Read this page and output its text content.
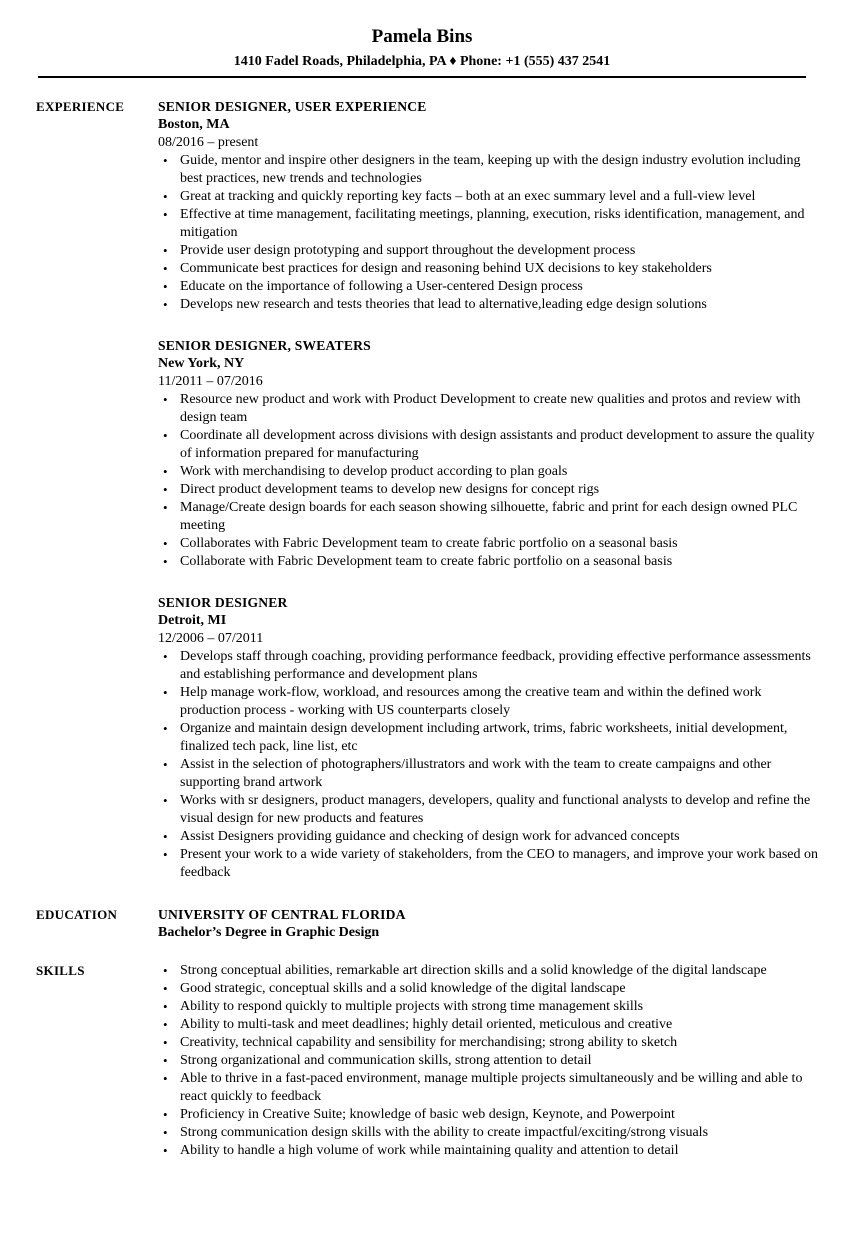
Pamela Bins
1410 Fadel Roads, Philadelphia, PA ♦ Phone: +1 (555) 437 2541
EXPERIENCE SENIOR DESIGNER, USER EXPERIENCE
Boston, MA
08/2016 – present
• Guide, mentor and inspire other designers in the team, keeping up with the design industry evolution including best practices, new trends and technologies
• Great at tracking and quickly reporting key facts – both at an exec summary level and a full-view level
• Effective at time management, facilitating meetings, planning, execution, risks identification, management, and mitigation
• Provide user design prototyping and support throughout the development process
• Communicate best practices for design and reasoning behind UX decisions to key stakeholders
• Educate on the importance of following a User-centered Design process
• Develops new research and tests theories that lead to alternative,leading edge design solutions
SENIOR DESIGNER, SWEATERS
New York, NY
11/2011 – 07/2016
• Resource new product and work with Product Development to create new qualities and protos and review with design team
• Coordinate all development across divisions with design assistants and product development to assure the quality of information prepared for manufacturing
• Work with merchandising to develop product according to plan goals
• Direct product development teams to develop new designs for concept rigs
• Manage/Create design boards for each season showing silhouette, fabric and print for each design owned PLC meeting
• Collaborates with Fabric Development team to create fabric portfolio on a seasonal basis
• Collaborate with Fabric Development team to create fabric portfolio on a seasonal basis
SENIOR DESIGNER
Detroit, MI
12/2006 – 07/2011
• Develops staff through coaching, providing performance feedback, providing effective performance assessments and establishing performance and development plans
• Help manage work-flow, workload, and resources among the creative team and within the defined work production process - working with US counterparts closely
• Organize and maintain design development including artwork, trims, fabric worksheets, initial development, finalized tech pack, line list, etc
• Assist in the selection of photographers/illustrators and work with the team to create campaigns and other supporting brand artwork
• Works with sr designers, product managers, developers, quality and functional analysts to develop and refine the visual design for new products and features
• Assist Designers providing guidance and checking of design work for advanced concepts
• Present your work to a wide variety of stakeholders, from the CEO to managers, and improve your work based on feedback
EDUCATION	UNIVERSITY OF CENTRAL FLORIDA
Bachelor’s Degree in Graphic Design
SKILLS
•	Strong conceptual abilities, remarkable art direction skills and a solid knowledge of the digital landscape
• Good strategic, conceptual skills and a solid knowledge of the digital landscape
• Ability to respond quickly to multiple projects with strong time management skills
• Ability to multi-task and meet deadlines; highly detail oriented, meticulous and creative
• Creativity, technical capability and sensibility for merchandising; strong ability to sketch
• Strong organizational and communication skills, strong attention to detail
• Able to thrive in a fast-paced environment, manage multiple projects simultaneously and be willing and able to react quickly to feedback
• Proficiency in Creative Suite; knowledge of basic web design, Keynote, and Powerpoint
• Strong communication design skills with the ability to create impactful/exciting/strong visuals
• Ability to handle a high volume of work while maintaining quality and attention to detail
